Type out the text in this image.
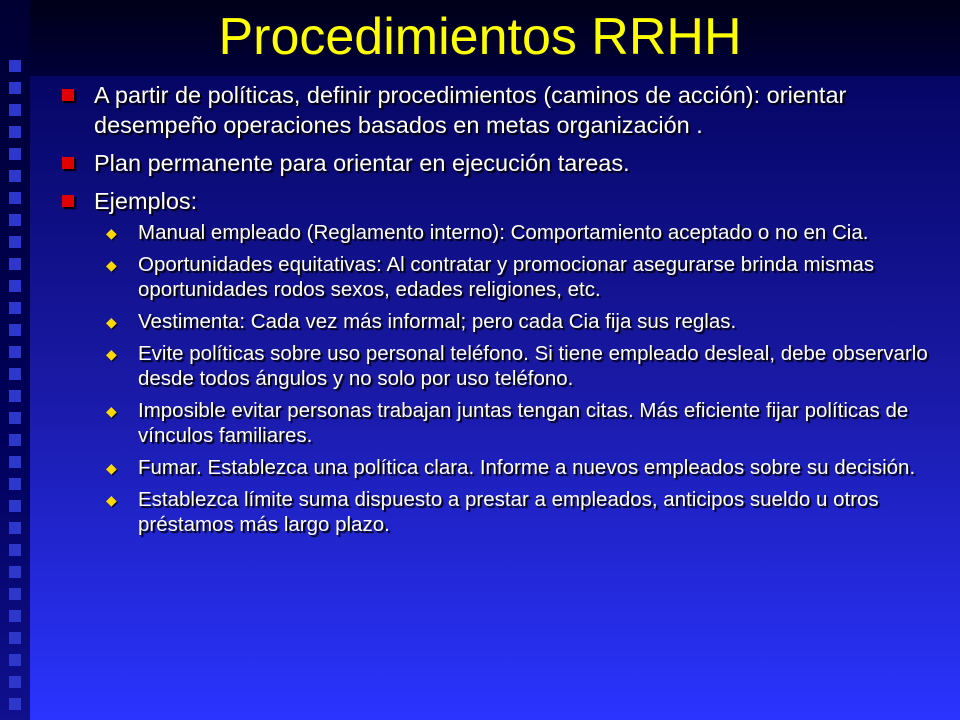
Procedimientos RRHH
A partir de políticas, definir procedimientos (caminos de acción): orientar desempeño operaciones basados en metas organización .
Plan permanente para orientar en ejecución tareas.
Ejemplos:
◆ Manual empleado (Reglamento interno): Comportamiento aceptado o no en Cia.
◆ Oportunidades equitativas: Al contratar y promocionar asegurarse brinda mismas oportunidades rodos sexos, edades religiones, etc.
◆ Vestimenta: Cada vez más informal; pero cada Cia fija sus reglas.
◆ Evite políticas sobre uso personal teléfono. Si tiene empleado desleal, debe observarlo desde todos ángulos y no solo por uso teléfono.
◆ Imposible evitar personas trabajan juntas tengan citas. Más eficiente fijar políticas de vínculos familiares.
◆ Fumar. Establezca una política clara. Informe a nuevos empleados sobre su decisión.
◆ Establezca límite suma dispuesto a prestar a empleados, anticipos sueldo u otros préstamos más largo plazo.
